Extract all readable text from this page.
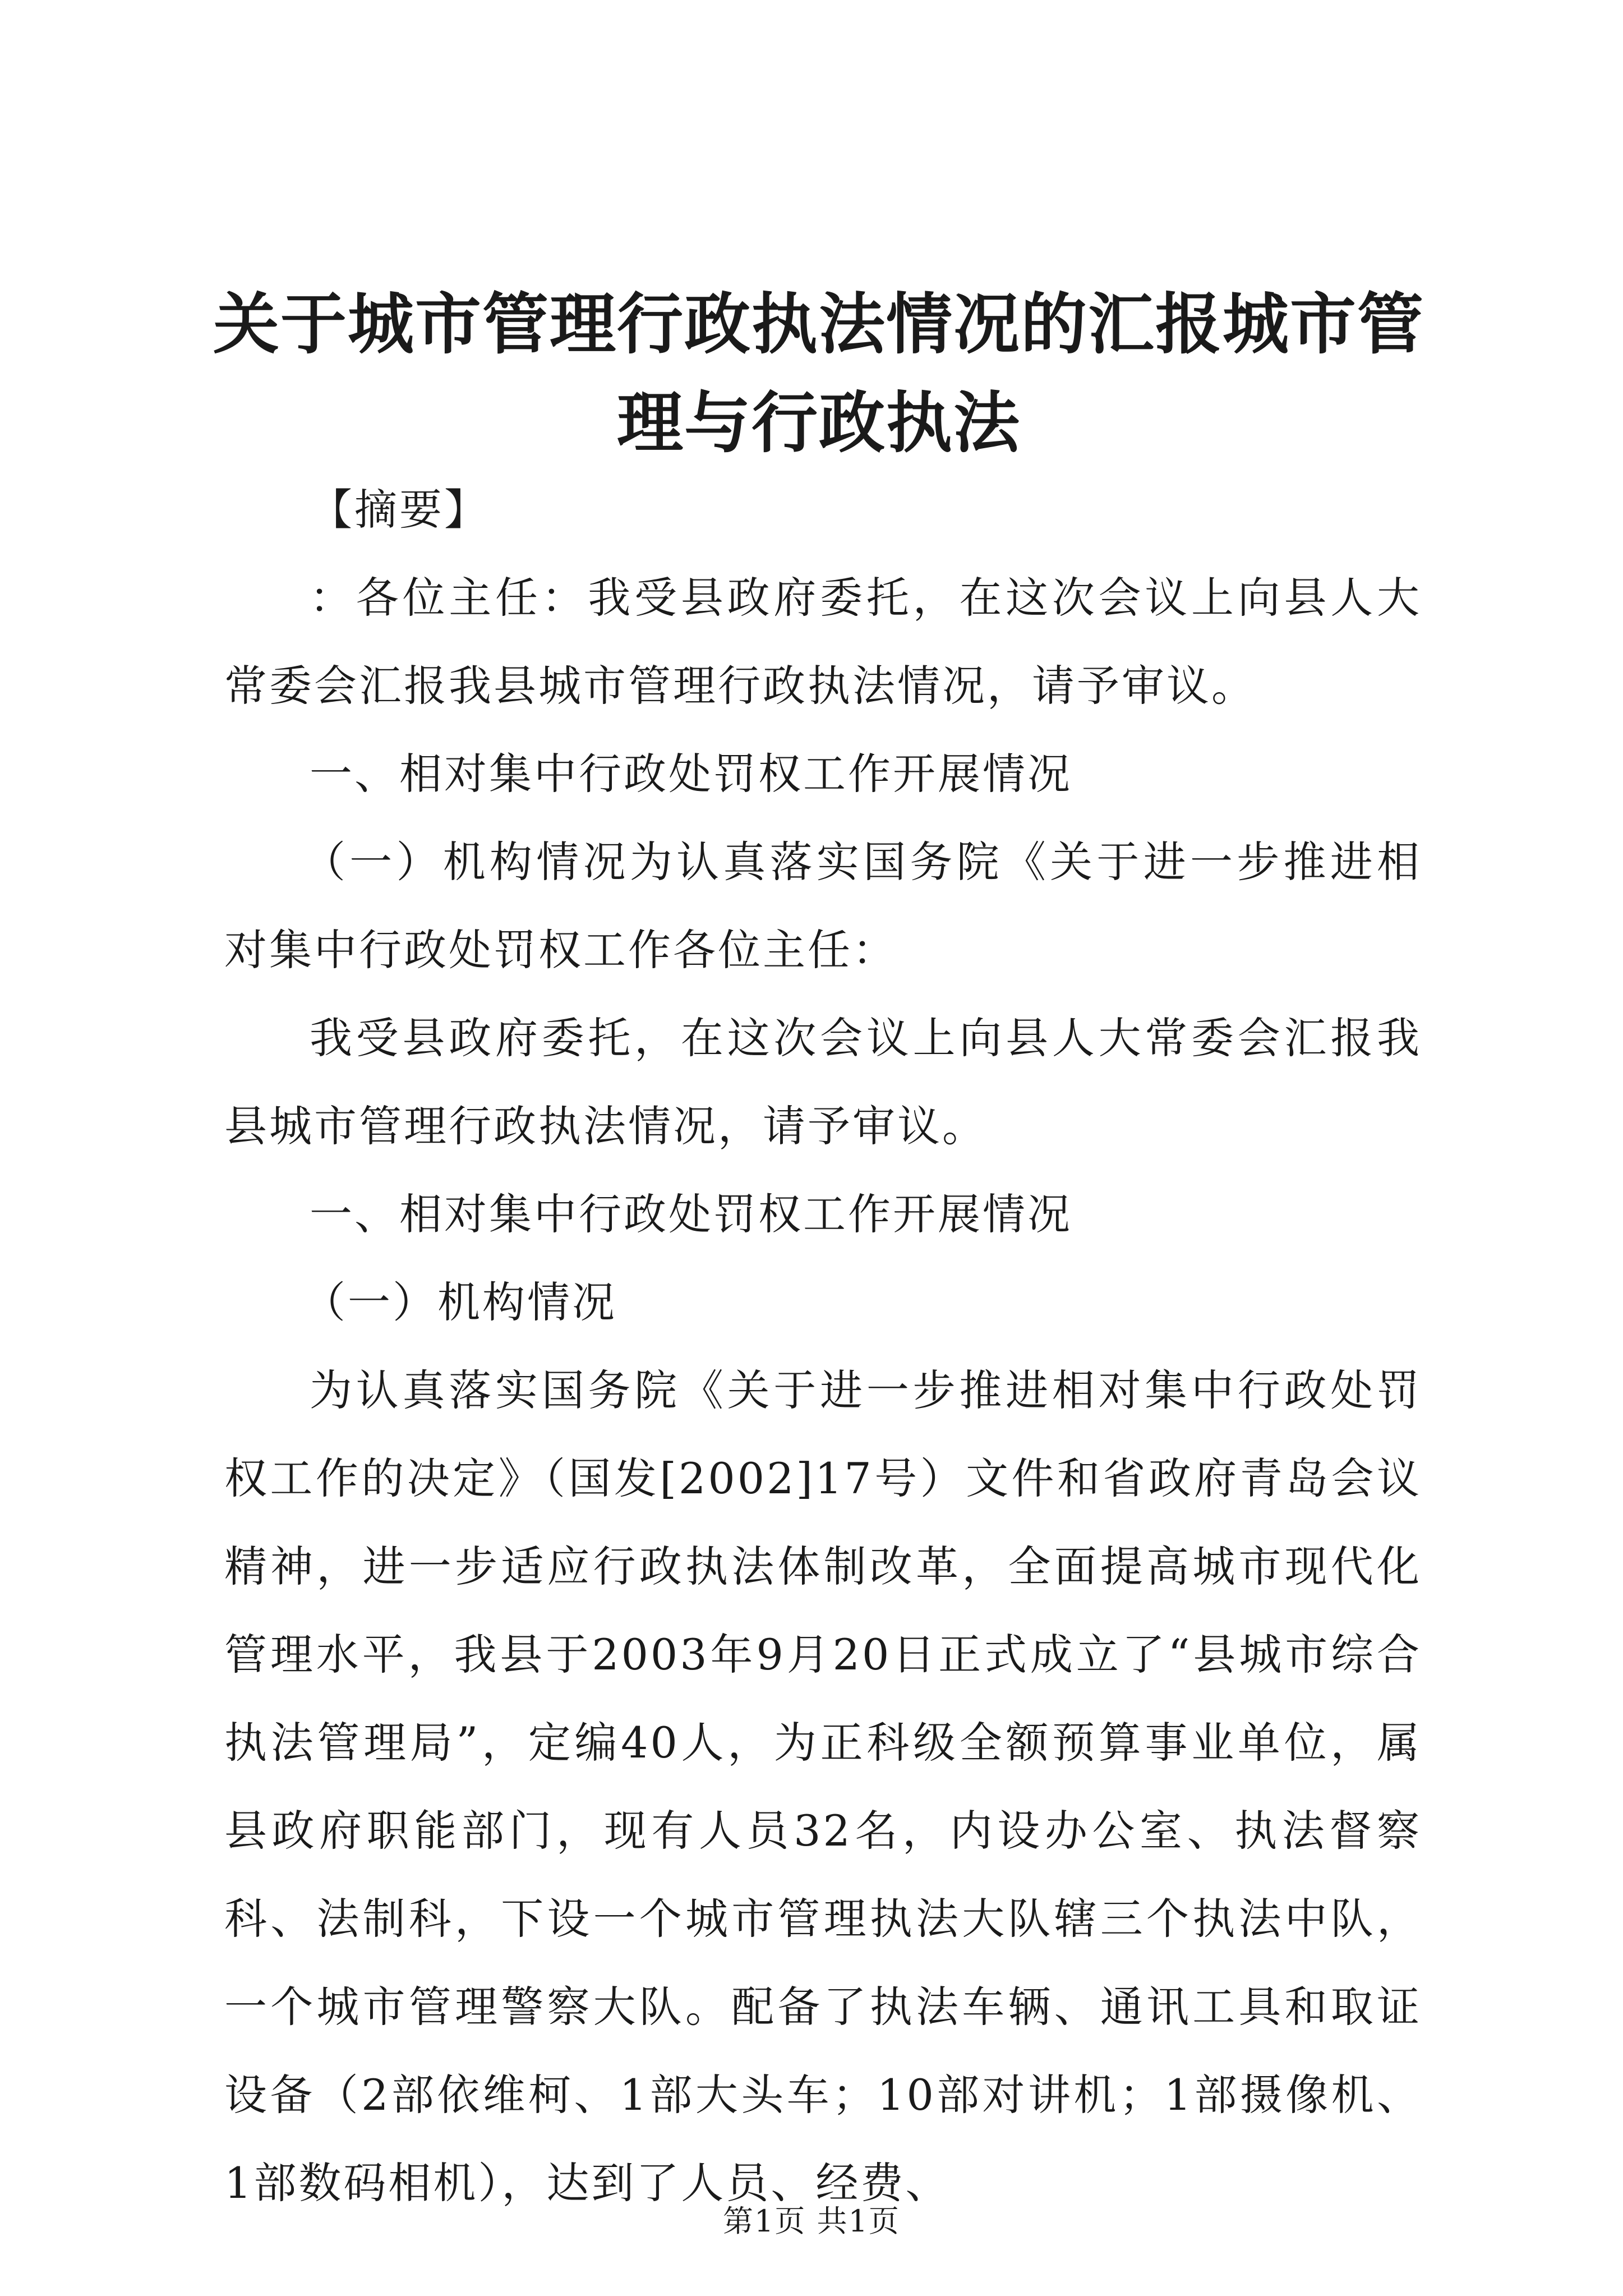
关于城市管理行政执法情况的汇报城市管理与行政执法

【摘要】

：各位主任：我受县政府委托，在这次会议上向县人大常委会汇报我县城市管理行政执法情况，请予审议。

一、相对集中行政处罚权工作开展情况

（一）机构情况为认真落实国务院《关于进一步推进相对集中行政处罚权工作各位主任：

我受县政府委托，在这次会议上向县人大常委会汇报我县城市管理行政执法情况，请予审议。

一、相对集中行政处罚权工作开展情况

（一）机构情况

为认真落实国务院《关于进一步推进相对集中行政处罚权工作的决定》（国发[2002]17号）文件和省政府青岛会议精神，进一步适应行政执法体制改革，全面提高城市现代化管理水平，我县于2003年9月20日正式成立了“县城市综合执法管理局”，定编40人，为正科级全额预算事业单位，属县政府职能部门，现有人员32名，内设办公室、执法督察科、法制科，下设一个城市管理执法大队辖三个执法中队，一个城市管理警察大队。配备了执法车辆、通讯工具和取证设备（2部依维柯、1部大头车；10部对讲机；1部摄像机、1部数码相机），达到了人员、经费、

第1页 共1页
